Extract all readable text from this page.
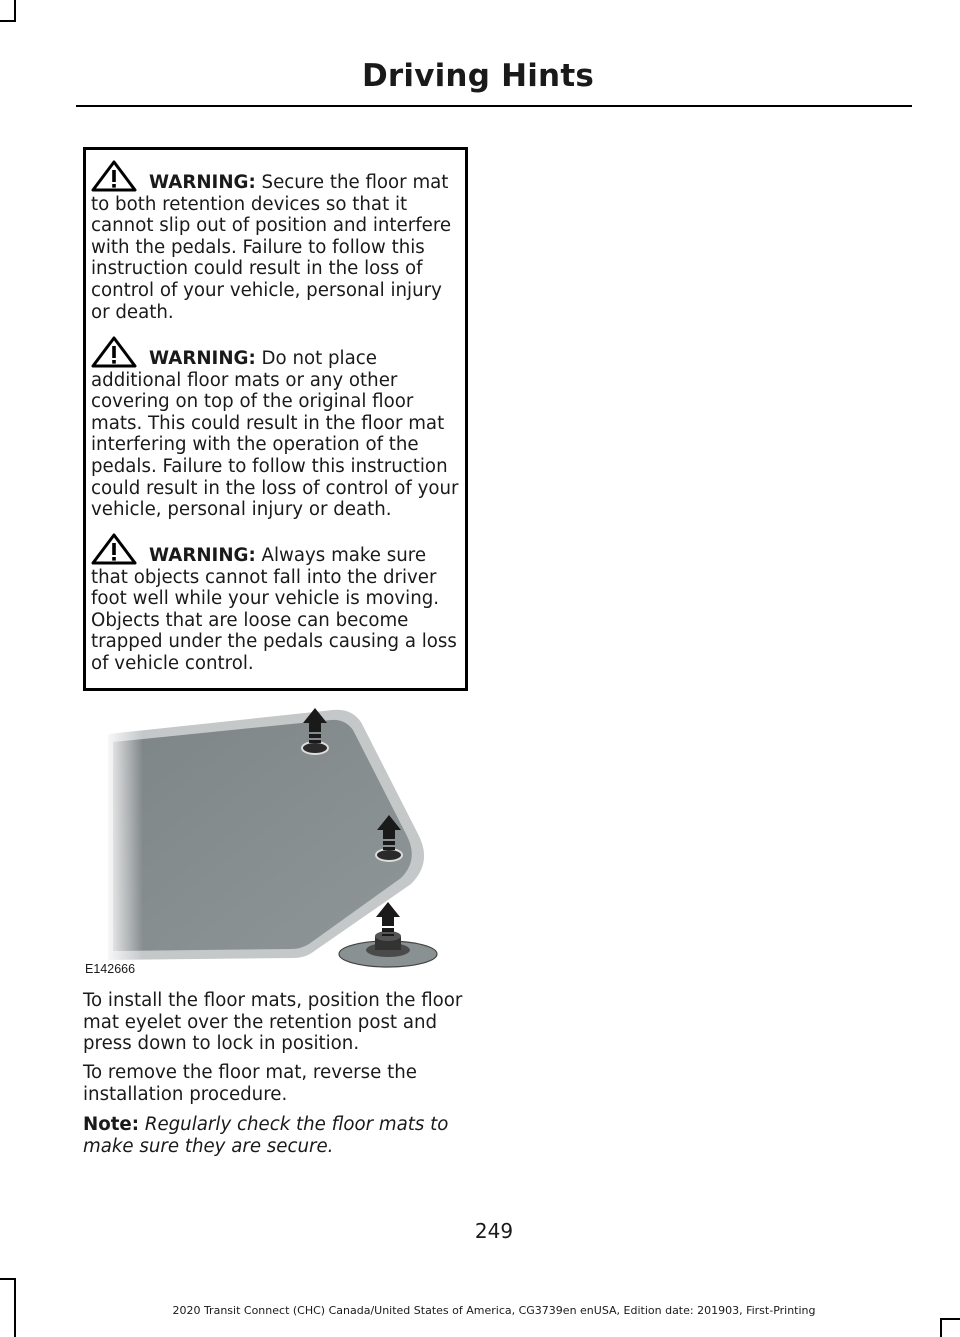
Driving Hints
WARNING: Secure the floor mat to both retention devices so that it cannot slip out of position and interfere with the pedals. Failure to follow this instruction could result in the loss of control of your vehicle, personal injury or death.
WARNING: Do not place additional floor mats or any other covering on top of the original floor mats. This could result in the floor mat interfering with the operation of the pedals. Failure to follow this instruction could result in the loss of control of your vehicle, personal injury or death.
WARNING: Always make sure that objects cannot fall into the driver foot well while your vehicle is moving. Objects that are loose can become trapped under the pedals causing a loss of vehicle control.
E142666

To install the floor mats, position the floor mat eyelet over the retention post and press down to lock in position.

To remove the floor mat, reverse the installation procedure.

Note: Regularly check the floor mats to make sure they are secure.

249
2020 Transit Connect (CHC) Canada/United States of America, CG3739en enUSA, Edition date: 201903, First-Printing
